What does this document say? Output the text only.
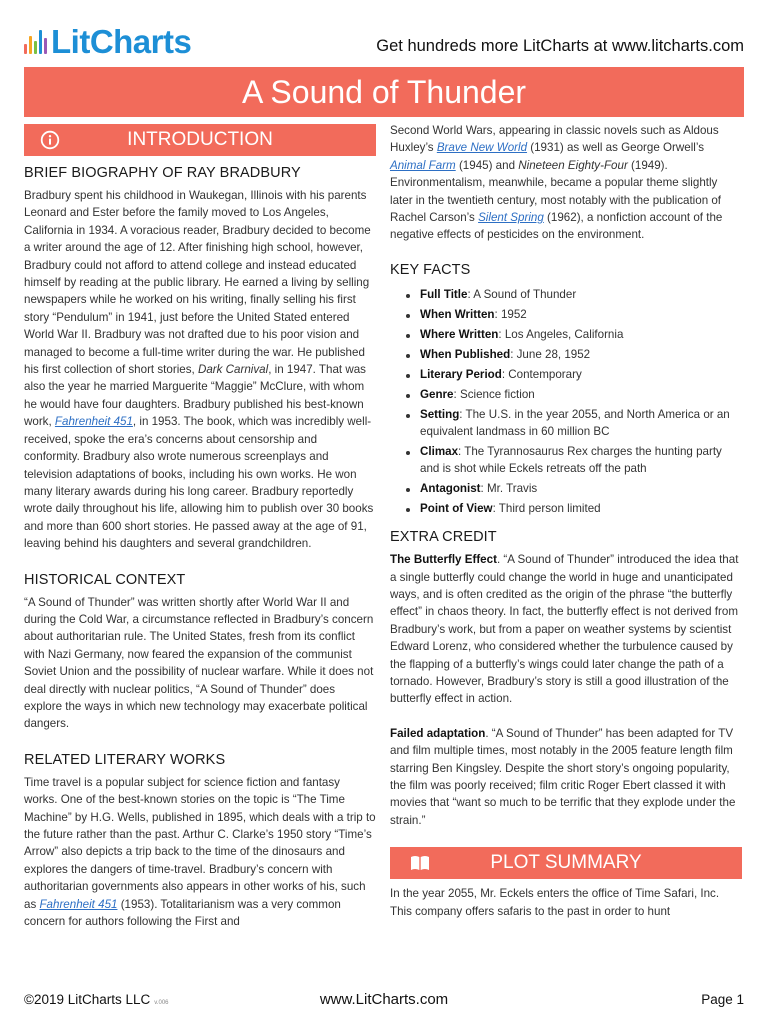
LitCharts	Get hundreds more LitCharts at www.litcharts.com
A Sound of Thunder
INTRODUCTION
BRIEF BIOGRAPHY OF RAY BRADBURY

Bradbury spent his childhood in Waukegan, Illinois with his parents Leonard and Ester before the family moved to Los Angeles, California in 1934. A voracious reader, Bradbury decided to become a writer around the age of 12. After finishing high school, however, Bradbury could not afford to attend college and instead educated himself by reading at the public library. He earned a living by selling newspapers while he worked on his writing, finally selling his first story “Pendulum” in 1941, just before the United Stated entered World War II. Bradbury was not drafted due to his poor vision and managed to become a full-time writer during the war. He published his first collection of short stories, Dark Carnival, in 1947. That was also the year he married Marguerite “Maggie” McClure, with whom he would have four daughters. Bradbury published his best-known work, Fahrenheit 451, in 1953. The book, which was incredibly well-received, spoke the era’s concerns about censorship and conformity. Bradbury also wrote numerous screenplays and television adaptations of books, including his own works. He won many literary awards during his long career. Bradbury reportedly wrote daily throughout his life, allowing him to publish over 30 books and more than 600 short stories. He passed away at the age of 91, leaving behind his daughters and several grandchildren.

HISTORICAL CONTEXT

“A Sound of Thunder” was written shortly after World War II and during the Cold War, a circumstance reflected in Bradbury’s concern about authoritarian rule. The United States, fresh from its conflict with Nazi Germany, now feared the expansion of the communist Soviet Union and the possibility of nuclear warfare. While it does not deal directly with nuclear politics, “A Sound of Thunder” does explore the ways in which new technology may exacerbate political dangers.

RELATED LITERARY WORKS

Time travel is a popular subject for science fiction and fantasy works. One of the best-known stories on the topic is “The Time Machine” by H.G. Wells, published in 1895, which deals with a trip to the future rather than the past. Arthur C. Clarke’s 1950 story “Time’s Arrow” also depicts a trip back to the time of the dinosaurs and explores the dangers of time-travel. Bradbury’s concern with authoritarian governments also appears in other works of his, such as Fahrenheit 451 (1953). Totalitarianism was a very common concern for authors following the First and

Second World Wars, appearing in classic novels such as Aldous Huxley’s Brave New World (1931) as well as George Orwell’s Animal Farm (1945) and Nineteen Eighty-Four (1949). Environmentalism, meanwhile, became a popular theme slightly later in the twentieth century, most notably with the publication of Rachel Carson’s Silent Spring (1962), a nonfiction account of the negative effects of pesticides on the environment.

KEY FACTS
Full Title: A Sound of Thunder
When Written: 1952
Where Written: Los Angeles, California
When Published: June 28, 1952
Literary Period: Contemporary
Genre: Science fiction
Setting: The U.S. in the year 2055, and North America or an equivalent landmass in 60 million BC
Climax: The Tyrannosaurus Rex charges the hunting party and is shot while Eckels retreats off the path
Antagonist: Mr. Travis
Point of View: Third person limited
EXTRA CREDIT

The Butterfly Effect. “A Sound of Thunder” introduced the idea that a single butterfly could change the world in huge and unanticipated ways, and is often credited as the origin of the phrase “the butterfly effect” in chaos theory. In fact, the butterfly effect is not derived from Bradbury’s work, but from a paper on weather systems by scientist Edward Lorenz, who considered whether the turbulence caused by the flapping of a butterfly’s wings could later change the path of a tornado. However, Bradbury’s story is still a good illustration of the butterfly effect in action.

Failed adaptation. “A Sound of Thunder” has been adapted for TV and film multiple times, most notably in the 2005 feature length film starring Ben Kingsley. Despite the short story’s ongoing popularity, the film was poorly received; film critic Roger Ebert classed it with movies that “want so much to be terrific that they explode under the strain.”

PLOT SUMMARY

In the year 2055, Mr. Eckels enters the office of Time Safari, Inc. This company offers safaris to the past in order to hunt

©2019 LitCharts LLC v.006	www.LitCharts.com	Page 1
